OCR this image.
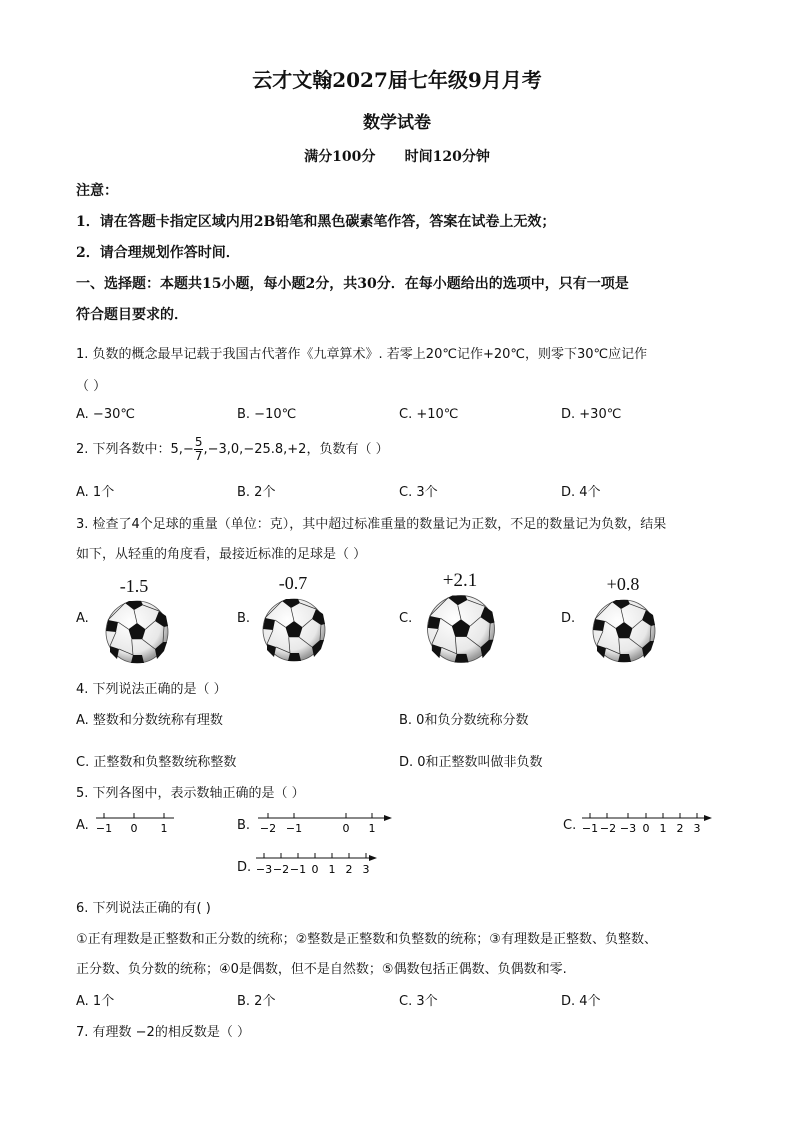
云才文翰2027届七年级9月月考
数学试卷
满分100分      时间120分钟
注意：
1．请在答题卡指定区域内用2B铅笔和黑色碳素笔作答，答案在试卷上无效；
2．请合理规划作答时间．
一、选择题：本题共15小题，每小题2分，共30分．在每小题给出的选项中，只有一项是
符合题目要求的．
1. 负数的概念最早记载于我国古代著作《九章算术》. 若零上20℃记作+20℃，则零下30℃应记作
（ ）
A. −30℃	B. −10℃	C. +10℃	D. +30℃
2. 下列各数中：$5,- \frac{5}{7} ,-3,0,-25.8,+2$，负数有（ ）
A. 1个	B. 2个	C. 3个	D. 4个
3. 检查了4个足球的重量（单位：克），其中超过标准重量的数量记为正数，不足的数量记为负数，结果
如下，从轻重的角度看，最接近标准的足球是（ ）
A.	B.	C.	D.
-1.5	-0.7	+2.1	+0.8
4. 下列说法正确的是（ ）
A. 整数和分数统称有理数	B. 0和负分数统称分数
C. 正整数和负整数统称整数	D. 0和正整数叫做非负数
5. 下列各图中，表示数轴正确的是（ ）
A.	B.	C.
D.
−1 0 1	−2 −1	0 1	−1 −2 −3 0 1 2 3
−3 −2 −1 0 1 2 3
6. 下列说法正确的有( )
①正有理数是正整数和正分数的统称；②整数是正整数和负整数的统称；③有理数是正整数、负整数、
正分数、负分数的统称；④0是偶数，但不是自然数；⑤偶数包括正偶数、负偶数和零.
A. 1个	B. 2个	C. 3个	D. 4个
7. 有理数 −2的相反数是（ ）
